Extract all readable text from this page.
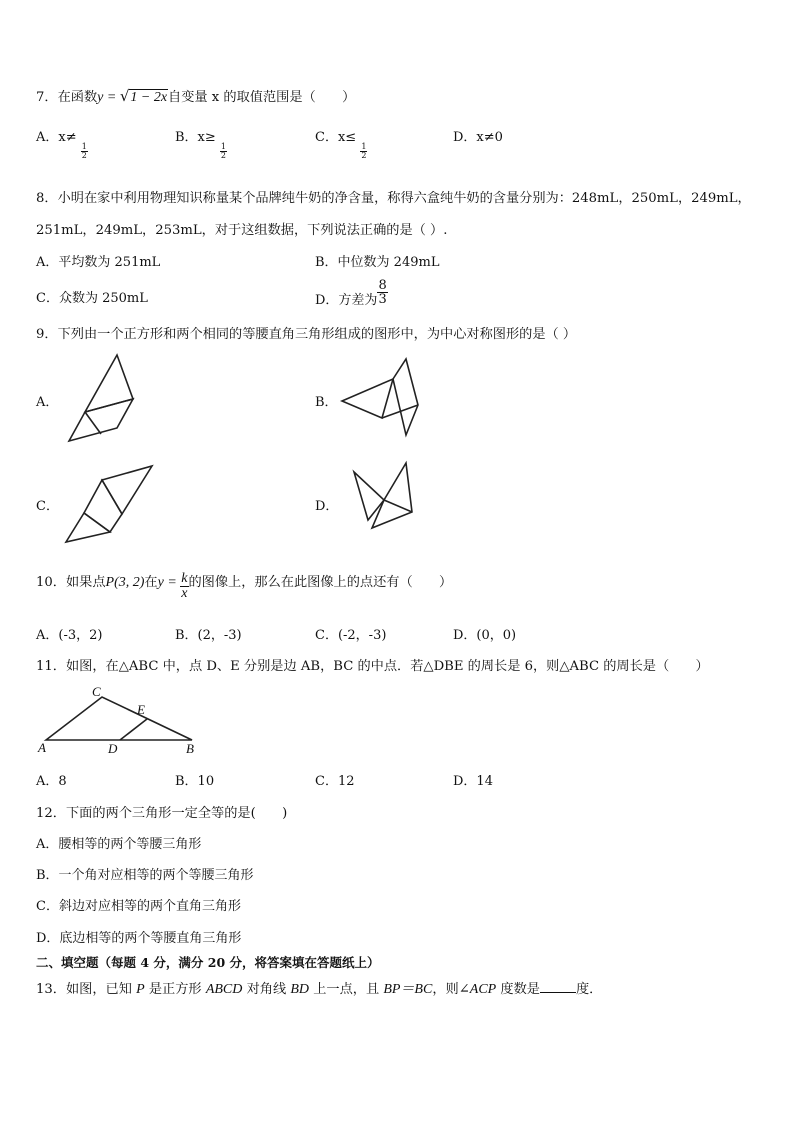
7．在函数y = √1 − 2x自变量 x 的取值范围是（　　）
A．x≠
$\frac{1}{2}$
B．x≥
$\frac{1}{2}$
C．x≤
$\frac{1}{2}$
D．x≠0
8．小明在家中利用物理知识称量某个品牌纯牛奶的净含量，称得六盒纯牛奶的含量分别为：248mL，250mL，249mL，
251mL，249mL，253mL，对于这组数据，下列说法正确的是（ ）.
A．平均数为 251mL	B．中位数为 249mL
C．众数为 250mL	D．方差为 $\frac{8}{3}$
9．下列由一个正方形和两个相同的等腰直角三角形组成的图形中，为中心对称图形的是（ ）
A．	B．
C．	D．
10．如果点P(3, 2)在$y = \frac{k}{x}$ 的图像上，那么在此图像上的点还有（　　）
A．(-3，2)	B．(2，-3)	C．(-2，-3)	D．(0，0)
11．如图，在△ABC 中，点 D、E 分别是边 AB，BC 的中点．若△DBE 的周长是 6，则△ABC 的周长是（　　）
A
C
E
D	B
A．8	B．10	C．12	D．14
12．下面的两个三角形一定全等的是(　　)
A．腰相等的两个等腰三角形
B．一个角对应相等的两个等腰三角形
C．斜边对应相等的两个直角三角形
D．底边相等的两个等腰直角三角形
二、填空题（每题 4 分，满分 20 分，将答案填在答题纸上）
13．如图，已知 P 是正方形 ABCD 对角线 BD 上一点，且 BP＝BC，则∠ACP 度数是	度．
